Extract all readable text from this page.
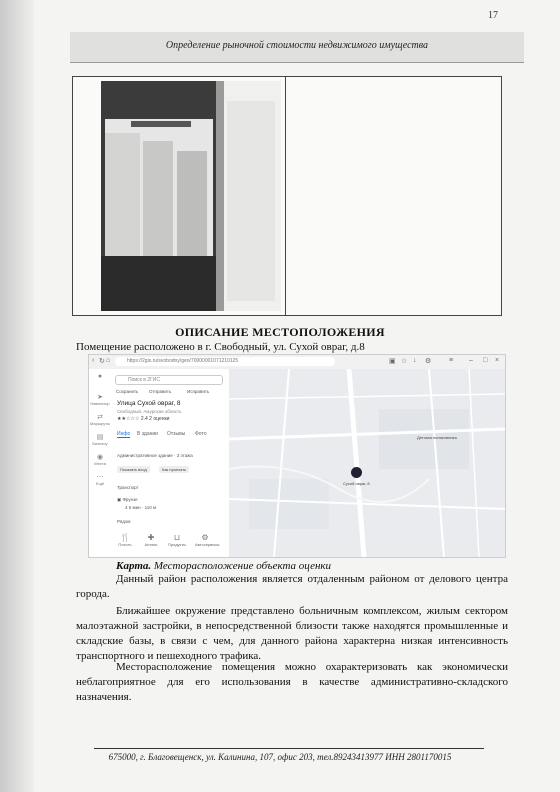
17
Определение рыночной стоимости недвижимого имущества
ОПИСАНИЕ МЕСТОПОЛОЖЕНИЯ
Помещение расположено в г. Свободный, ул. Сухой овраг, д.8
‹ ↻ ⌂	https://2gis.ru/svobodny/geo/70000001071210125	▣ ☆ ↓ ⚙	≡ – □ ×
●
➤
Навигатор
⇄
Маршруты
▤
Бизнесу
◉
Места
⋯
Ещё
Поиск в 2ГИС
Сохранить Отправить	Исправить
Улица Сухой овраг, 8
Свободный, Амурская область
★★☆☆☆ 2.4 2 оценки
Инфо В здании Отзывы Фото
Административное здание · 3 этажа
Показать вход	Как проехать
Транспорт
▣ Фрунзе
4 5 мин · 110 м
Рядом
🍴
Поесть
✚
Аптеки
⊔
Продукты
⚙
Автосервисы
Детская поликлиника
Сухой овраг, 8
Карта. Месторасположение объекта оценки
Данный район расположения является отдаленным районом от делового центра города.
Ближайшее окружение представлено больничным комплексом, жилым сектором малоэтажной застройки, в непосредственной близости также находятся промышленные и складские базы, в связи с чем, для данного района характерна низкая интенсивность транспортного и пешеходного трафика.
Месторасположение помещения можно охарактеризовать как экономически неблагоприятное для его использования в качестве административно-складского назначения.
675000, г. Благовещенск, ул. Калинина, 107, офис 203, тел.89243413977 ИНН 2801170015
